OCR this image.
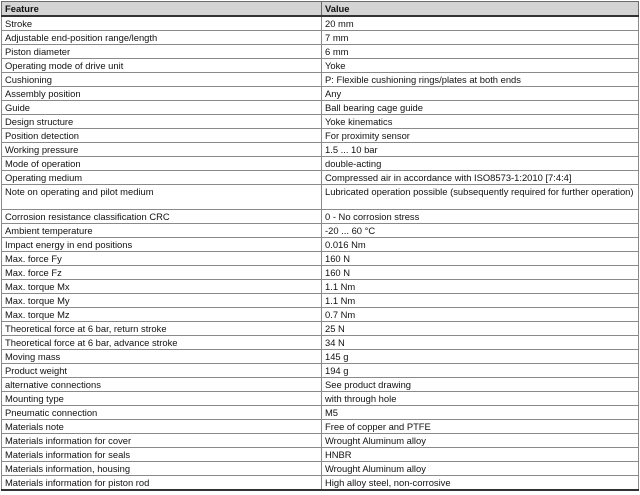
Feature	Value
Stroke	20 mm
Adjustable end-position range/length	7 mm
Piston diameter	6 mm
Operating mode of drive unit	Yoke
Cushioning	P: Flexible cushioning rings/plates at both ends
Assembly position	Any
Guide	Ball bearing cage guide
Design structure	Yoke kinematics
Position detection	For proximity sensor
Working pressure	1.5 ... 10 bar
Mode of operation	double-acting
Operating medium	Compressed air in accordance with ISO8573-1:2010 [7:4:4]
Note on operating and pilot medium	Lubricated operation possible (subsequently required for further operation)
Corrosion resistance classification CRC	0 - No corrosion stress
Ambient temperature	-20 ... 60 °C
Impact energy in end positions	0.016 Nm
Max. force Fy	160 N
Max. force Fz	160 N
Max. torque Mx	1.1 Nm
Max. torque My	1.1 Nm
Max. torque Mz	0.7 Nm
Theoretical force at 6 bar, return stroke	25 N
Theoretical force at 6 bar, advance stroke	34 N
Moving mass	145 g
Product weight	194 g
alternative connections	See product drawing
Mounting type	with through hole
Pneumatic connection	M5
Materials note	Free of copper and PTFE
Materials information for cover	Wrought Aluminum alloy
Materials information for seals	HNBR
Materials information, housing	Wrought Aluminum alloy
Materials information for piston rod	High alloy steel, non-corrosive
